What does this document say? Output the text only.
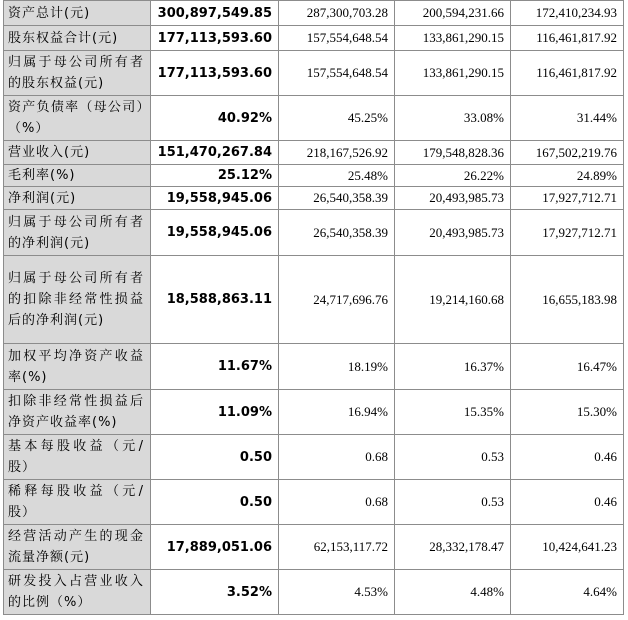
资产总计(元)	300,897,549.85	287,300,703.28	200,594,231.66	172,410,234.93
股东权益合计(元)	177,113,593.60	157,554,648.54	133,861,290.15	116,461,817.92
归属于母公司所有者的股东权益(元)	177,113,593.60	157,554,648.54	133,861,290.15	116,461,817.92
资产负债率（母公司）（%）	40.92%	45.25%	33.08%	31.44%
营业收入(元)	151,470,267.84	218,167,526.92	179,548,828.36	167,502,219.76
毛利率(%)	25.12%	25.48%	26.22%	24.89%
净利润(元)	19,558,945.06	26,540,358.39	20,493,985.73	17,927,712.71
归属于母公司所有者的净利润(元)	19,558,945.06	26,540,358.39	20,493,985.73	17,927,712.71
归属于母公司所有者的扣除非经常性损益后的净利润(元)	18,588,863.11	24,717,696.76	19,214,160.68	16,655,183.98
加权平均净资产收益率(%)	11.67%	18.19%	16.37%	16.47%
扣除非经常性损益后净资产收益率(%)	11.09%	16.94%	15.35%	15.30%
基本每股收益（元/股）	0.50	0.68	0.53	0.46
稀释每股收益（元/股）	0.50	0.68	0.53	0.46
经营活动产生的现金流量净额(元)	17,889,051.06	62,153,117.72	28,332,178.47	10,424,641.23
研发投入占营业收入的比例（%）	3.52%	4.53%	4.48%	4.64%
